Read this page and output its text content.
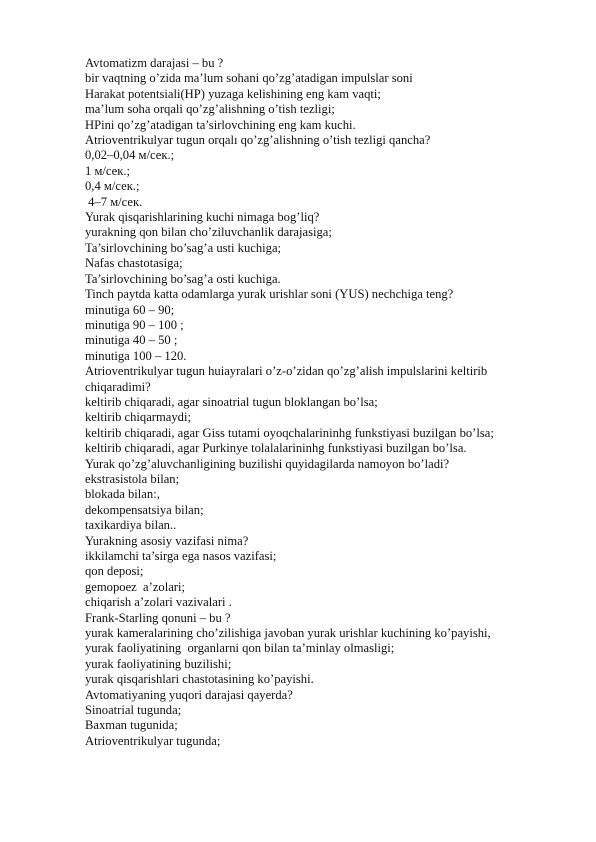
Avtomatizm darajasi – bu ?
bir vaqtning o’zida ma’lum sohani qo’zg’atadigan impulslar soni
Harakat potentsiali(HP) yuzaga kelishining eng kam vaqti;
ma’lum soha orqali qo’zg’alishning o’tish tezligi;
HPini qo’zg’atadigan ta’sirlovchining eng kam kuchi.
Atrioventrikulyar tugun orqalı qo’zg’alishning o’tish tezligi qancha?
0,02–0,04 м/сек.;
1 м/сек.;
0,4 м/сек.;
4–7 м/сек.
Yurak qisqarishlarining kuchi nimaga bog’liq?
yurakning qon bilan cho’ziluvchanlik darajasiga;
Ta’sirlovchining bo’sag’a usti kuchiga;
Nafas chastotasiga;
Ta’sirlovchining bo’sag’a osti kuchiga.
Tinch paytda katta odamlarga yurak urishlar soni (YUS) nechchiga teng?
minutiga 60 – 90;
minutiga 90 – 100 ;
minutiga 40 – 50 ;
minutiga 100 – 120.
Atrioventrikulyar tugun huiayralari o’z-o’zidan qo’zg’alish impulslarini keltirib
chiqaradimi?
keltirib chiqaradi, agar sinoatrial tugun bloklangan bo’lsa;
keltirib chiqarmaydi;
keltirib chiqaradi, agar Giss tutami oyoqchalarininhg funkstiyasi buzilgan bo’lsa;
keltirib chiqaradi, agar Purkinye tolalalarininhg funkstiyasi buzilgan bo’lsa.
Yurak qo’zg’aluvchanligining buzilishi quyidagilarda namoyon bo’ladi?
ekstrasistola bilan;
blokada bilan:,
dekompensatsiya bilan;
taxikardiya bilan..
Yurakning asosiy vazifasi nima?
ikkilamchi ta’sirga ega nasos vazifasi;
qon deposi;
gemopoez  a’zolari;
chiqarish a’zolari vazivalari .
Frank-Starling qonuni – bu ?
yurak kameralarining cho’zilishiga javoban yurak urishlar kuchining ko’payishi,
yurak faoliyatining  organlarni qon bilan ta’minlay olmasligi;
yurak faoliyatining buzilishi;
yurak qisqarishlari chastotasining ko’payishi.
Avtomatiyaning yuqori darajasi qayerda?
Sinoatrial tugunda;
Baxman tugunida;
Atrioventrikulyar tugunda;
